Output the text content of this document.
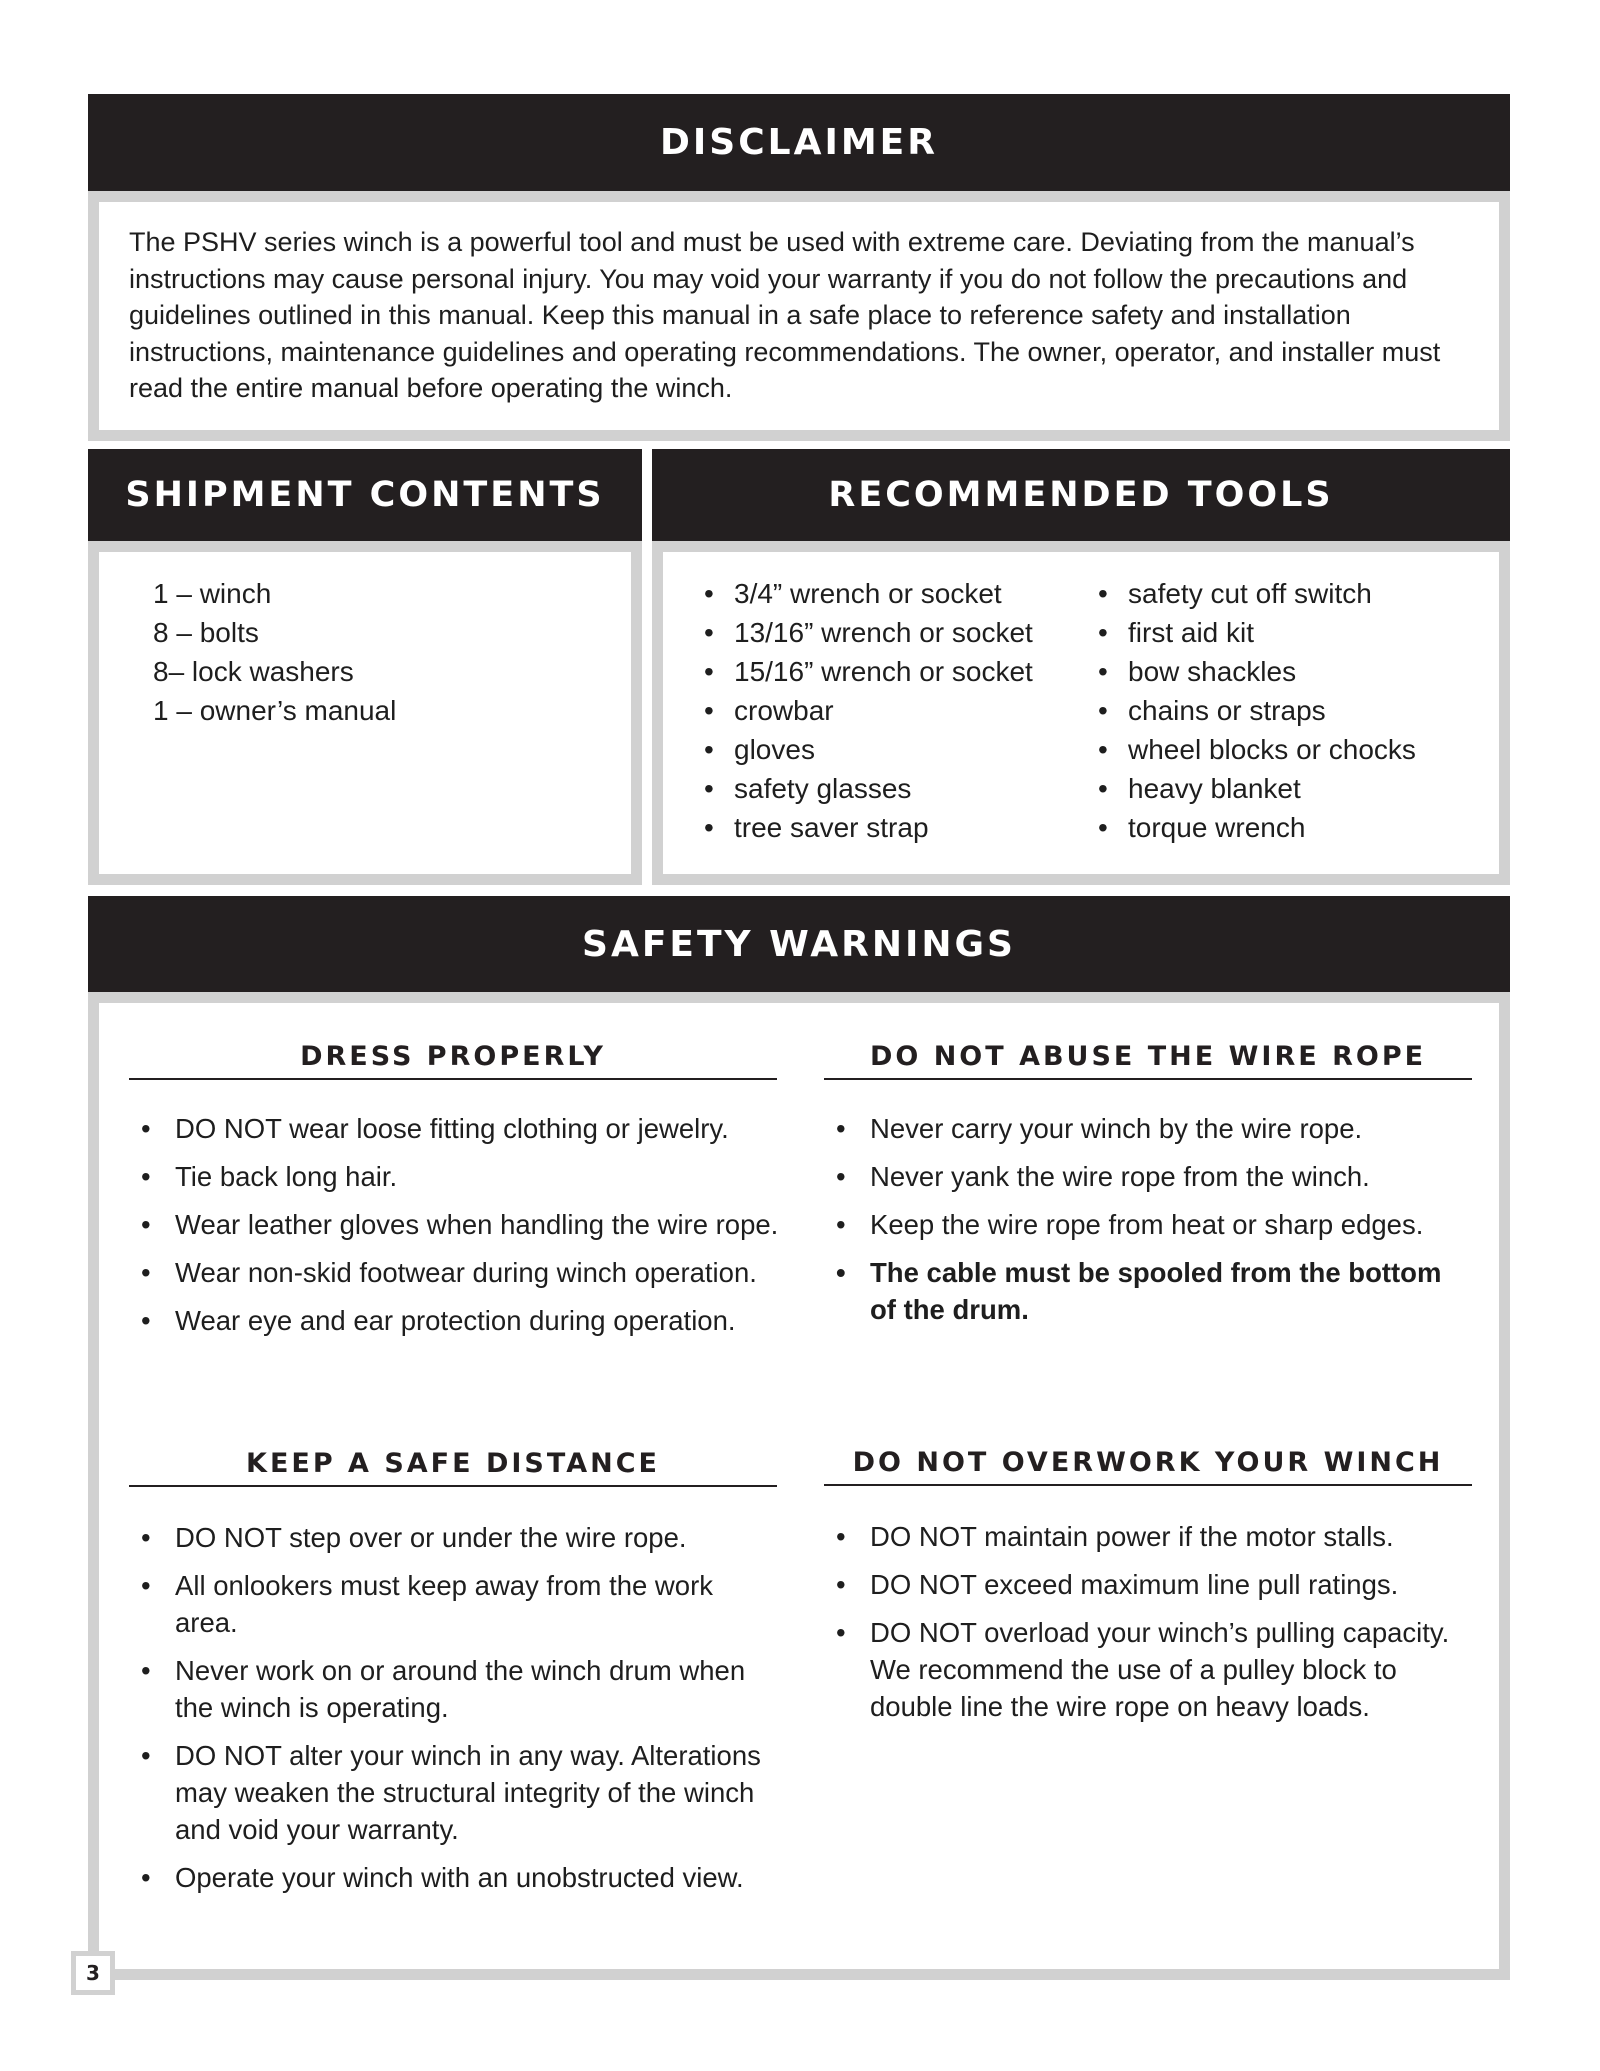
DISCLAIMER

The PSHV series winch is a powerful tool and must be used with extreme care. Deviating from the manual’s instructions may cause personal injury. You may void your warranty if you do not follow the precautions and guidelines outlined in this manual. Keep this manual in a safe place to reference safety and installation instructions, maintenance guidelines and operating recommendations. The owner, operator, and installer must read the entire manual before operating the winch.

SHIPMENT CONTENTS
1 – winch
8 – bolts
8– lock washers
1 – owner’s manual
RECOMMENDED TOOLS
• 3/4” wrench or socket
• 13/16” wrench or socket
• 15/16” wrench or socket
• crowbar
• gloves
• safety glasses
• tree saver strap
• safety cut off switch
• first aid kit
• bow shackles
• chains or straps
• wheel blocks or chocks
• heavy blanket
• torque wrench
SAFETY WARNINGS
DRESS PROPERLY
• DO NOT wear loose fitting clothing or jewelry.
• Tie back long hair.
• Wear leather gloves when handling the wire rope.
• Wear non-skid footwear during winch operation.
• Wear eye and ear protection during operation.
DO NOT ABUSE THE WIRE ROPE
• Never carry your winch by the wire rope.
• Never yank the wire rope from the winch.
• Keep the wire rope from heat or sharp edges.
• The cable must be spooled from the bottom of the drum.
KEEP A SAFE DISTANCE
• DO NOT step over or under the wire rope.
• All onlookers must keep away from the work area.
• Never work on or around the winch drum when the winch is operating.
• DO NOT alter your winch in any way. Alterations may weaken the structural integrity of the winch and void your warranty.
• Operate your winch with an unobstructed view.
DO NOT OVERWORK YOUR WINCH
• DO NOT maintain power if the motor stalls.
• DO NOT exceed maximum line pull ratings.
• DO NOT overload your winch’s pulling capacity. We recommend the use of a pulley block to double line the wire rope on heavy loads.
3
